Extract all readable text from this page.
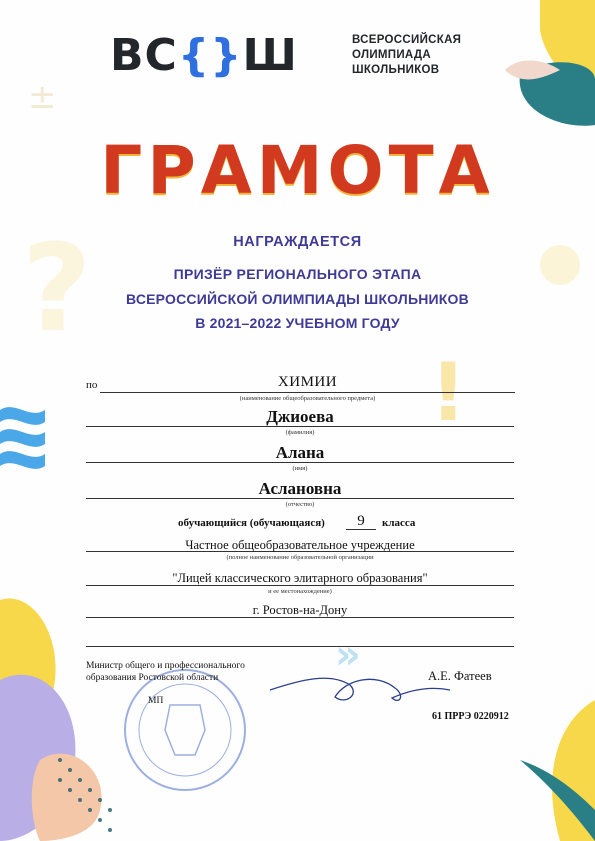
±
?
!
»
ВС{}Ш	ВСЕРОССИЙСКАЯ
ОЛИМПИАДА
ШКОЛЬНИКОВ
ГРАМОТА
НАГРАЖДАЕТСЯ
ПРИЗЁР РЕГИОНАЛЬНОГО ЭТАПА
ВСЕРОССИЙСКОЙ ОЛИМПИАДЫ ШКОЛЬНИКОВ
В 2021–2022 УЧЕБНОМ ГОДУ
по	ХИМИИ
(наименование общеобразовательного предмета)
Джиоева
(фамилия)
Алана
(имя)
Аслановна
(отчество)
обучающийся (обучающаяся)	9	класса
Частное общеобразовательное учреждение
(полное наименование образовательной организации
"Лицей классического элитарного образования"
и ее местонахождение)
г. Ростов-на-Дону
Министр общего и профессионального
образования Ростовской области
МП
А.Е. Фатеев
61 ПРРЭ 0220912
